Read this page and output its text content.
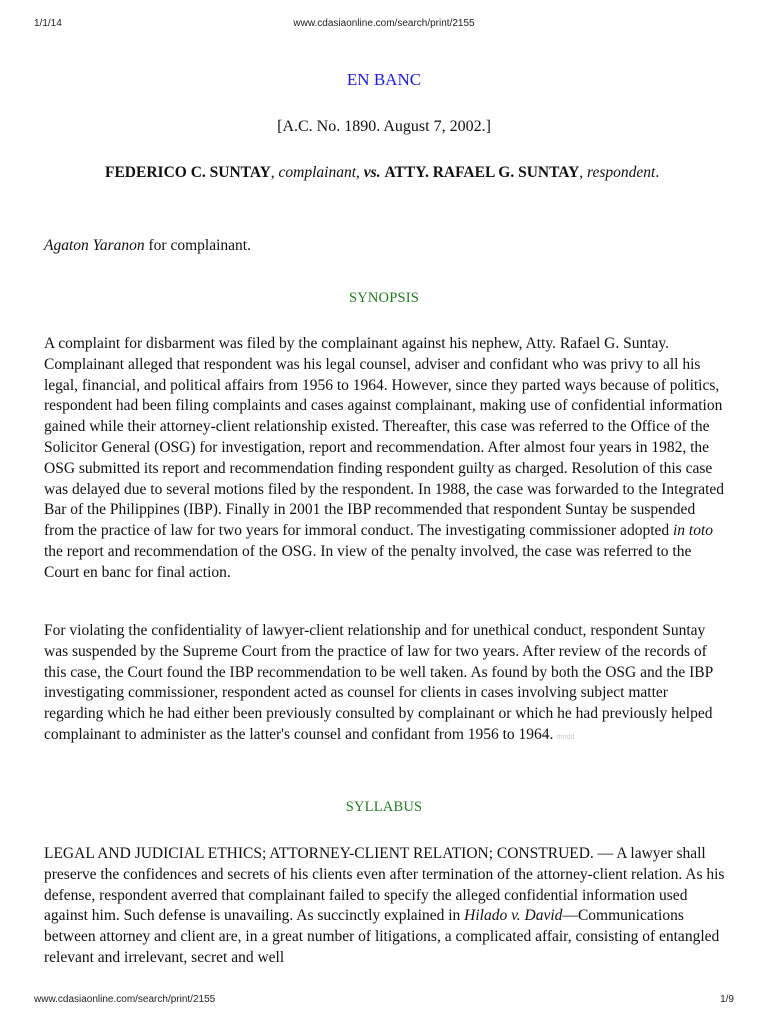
1/1/14	www.cdasiaonline.com/search/print/2155
EN BANC
[A.C. No. 1890. August 7, 2002.]
FEDERICO C. SUNTAY, complainant, vs. ATTY. RAFAEL G. SUNTAY, respondent.
Agaton Yaranon for complainant.
SYNOPSIS

A complaint for disbarment was filed by the complainant against his nephew, Atty. Rafael G. Suntay. Complainant alleged that respondent was his legal counsel, adviser and confidant who was privy to all his legal, financial, and political affairs from 1956 to 1964. However, since they parted ways because of politics, respondent had been filing complaints and cases against complainant, making use of confidential information gained while their attorney-client relationship existed. Thereafter, this case was referred to the Office of the Solicitor General (OSG) for investigation, report and recommendation. After almost four years in 1982, the OSG submitted its report and recommendation finding respondent guilty as charged. Resolution of this case was delayed due to several motions filed by the respondent. In 1988, the case was forwarded to the Integrated Bar of the Philippines (IBP). Finally in 2001 the IBP recommended that respondent Suntay be suspended from the practice of law for two years for immoral conduct. The investigating commissioner adopted in toto the report and recommendation of the OSG. In view of the penalty involved, the case was referred to the Court en banc for final action.

For violating the confidentiality of lawyer-client relationship and for unethical conduct, respondent Suntay was suspended by the Supreme Court from the practice of law for two years. After review of the records of this case, the Court found the IBP recommendation to be well taken. As found by both the OSG and the IBP investigating commissioner, respondent acted as counsel for clients in cases involving subject matter regarding which he had either been previously consulted by complainant or which he had previously helped complainant to administer as the latter's counsel and confidant from 1956 to 1964. rtmdd

SYLLABUS

LEGAL AND JUDICIAL ETHICS; ATTORNEY-CLIENT RELATION; CONSTRUED. — A lawyer shall preserve the confidences and secrets of his clients even after termination of the attorney-client relation. As his defense, respondent averred that complainant failed to specify the alleged confidential information used against him. Such defense is unavailing. As succinctly explained in Hilado v. David—Communications between attorney and client are, in a great number of litigations, a complicated affair, consisting of entangled relevant and irrelevant, secret and well

www.cdasiaonline.com/search/print/2155	1/9
